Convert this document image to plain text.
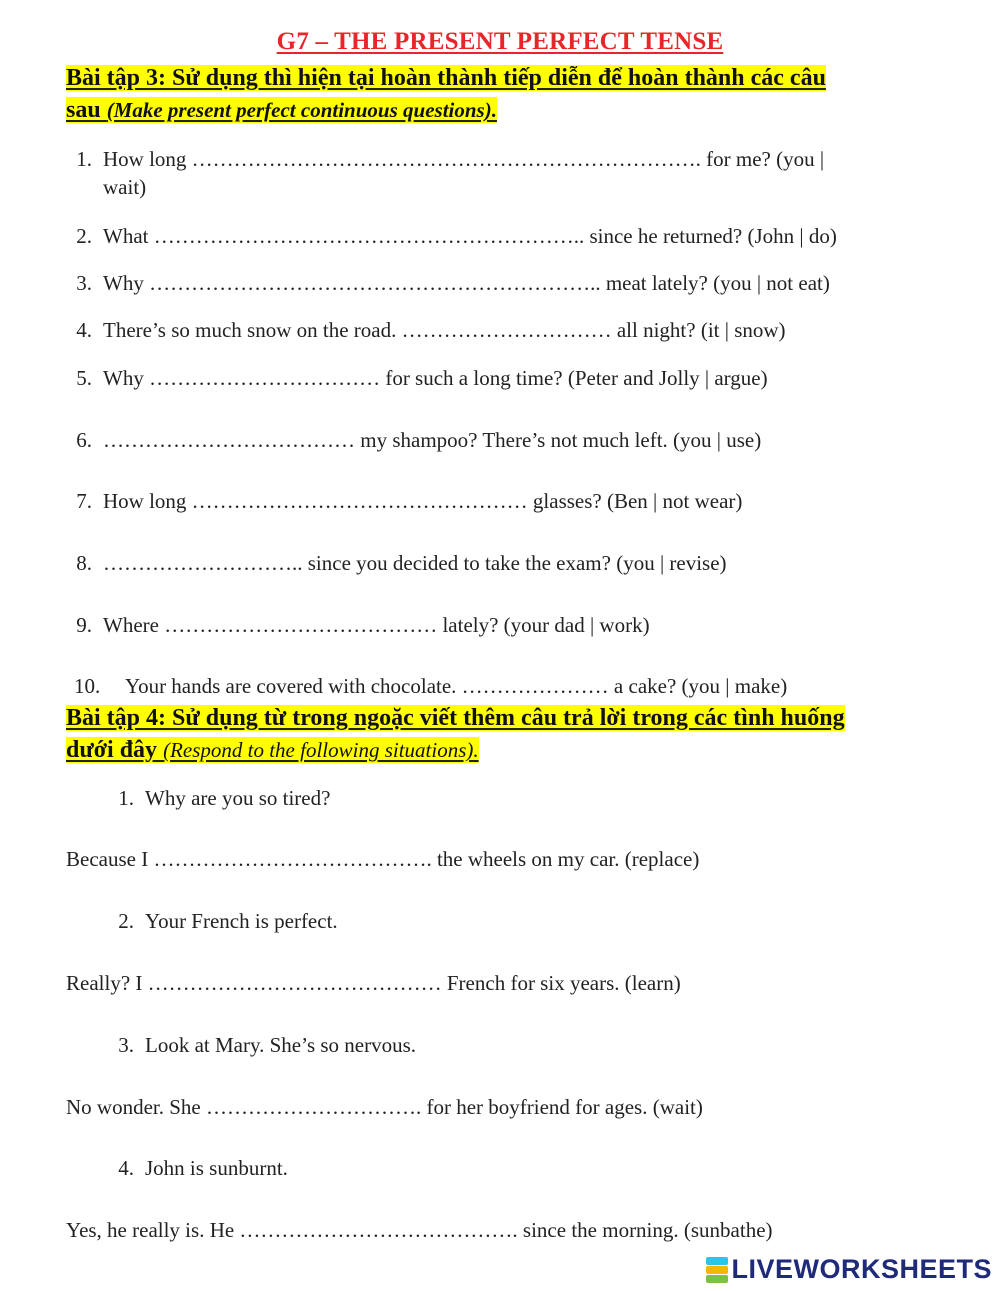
G7 – THE PRESENT PERFECT TENSE
Bài tập 3: Sử dụng thì hiện tại hoàn thành tiếp diễn để hoàn thành các câu
sau (Make present perfect continuous questions).
1. How long ………………………………………………………………. for me? (you |
wait)
2. What …………………………………………………….. since he returned? (John | do)
3. Why ……………………………………………………….. meat lately? (you | not eat)
4. There’s so much snow on the road. ………………………… all night? (it | snow)
5. Why …………………………… for such a long time? (Peter and Jolly | argue)
6. ……………………………… my shampoo? There’s not much left. (you | use)
7. How long ………………………………………… glasses? (Ben | not wear)
8. ……………………….. since you decided to take the exam? (you | revise)
9. Where ………………………………… lately? (your dad | work)
10.	Your hands are covered with chocolate. ………………… a cake? (you | make)
Bài tập 4: Sử dụng từ trong ngoặc viết thêm câu trả lời trong các tình huống
dưới đây (Respond to the following situations).
1. Why are you so tired?
Because I …………………………………. the wheels on my car. (replace)
2. Your French is perfect.
Really? I …………………………………… French for six years. (learn)
3. Look at Mary. She’s so nervous.
No wonder. She …………………………. for her boyfriend for ages. (wait)
4. John is sunburnt.
Yes, he really is. He …………………………………. since the morning. (sunbathe)
LIVEWORKSHEETS
